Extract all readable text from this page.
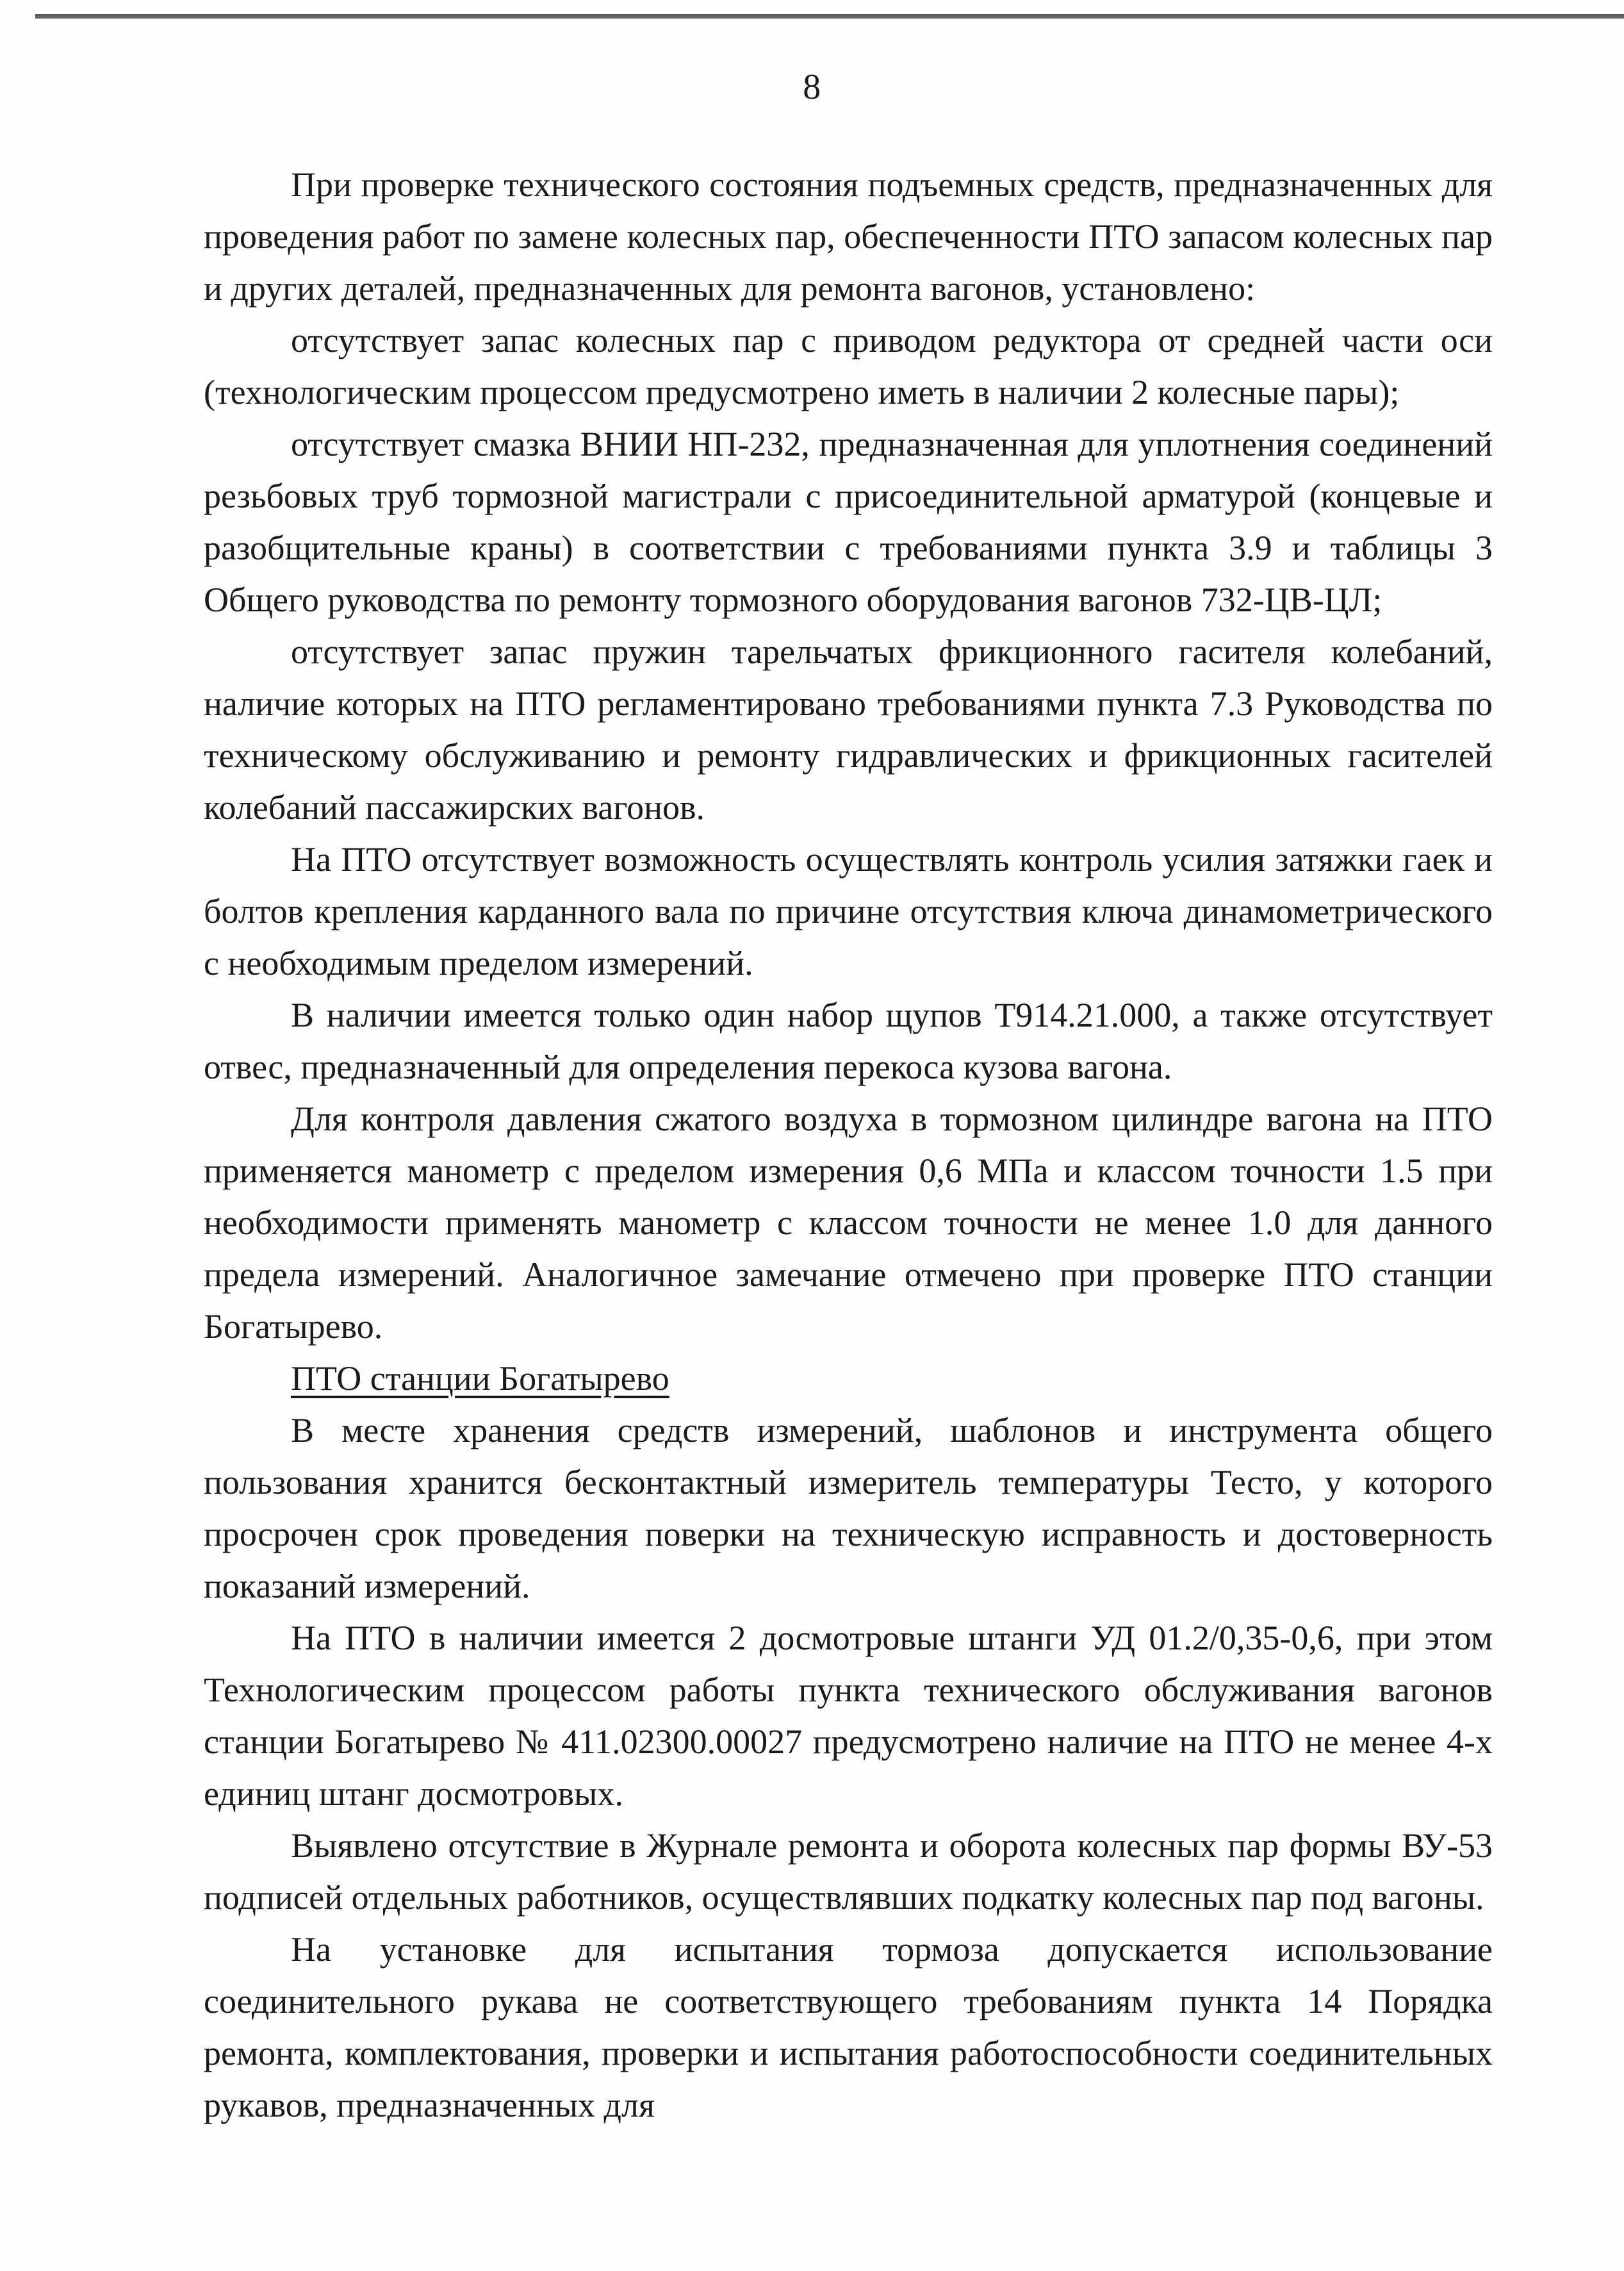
8

При проверке технического состояния подъемных средств, предназначенных для проведения работ по замене колесных пар, обеспеченности ПТО запасом колесных пар и других деталей, предназначенных для ремонта вагонов, установлено:

отсутствует запас колесных пар с приводом редуктора от средней части оси (технологическим процессом предусмотрено иметь в наличии 2 колесные пары);

отсутствует смазка ВНИИ НП-232, предназначенная для уплотнения соединений резьбовых труб тормозной магистрали с присоединительной арматурой (концевые и разобщительные краны) в соответствии с требованиями пункта 3.9 и таблицы 3 Общего руководства по ремонту тормозного оборудования вагонов 732-ЦВ-ЦЛ;

отсутствует запас пружин тарельчатых фрикционного гасителя колебаний, наличие которых на ПТО регламентировано требованиями пункта 7.3 Руководства по техническому обслуживанию и ремонту гидравлических и фрикционных гасителей колебаний пассажирских вагонов.

На ПТО отсутствует возможность осуществлять контроль усилия затяжки гаек и болтов крепления карданного вала по причине отсутствия ключа динамометрического с необходимым пределом измерений.

В наличии имеется только один набор щупов Т914.21.000, а также отсутствует отвес, предназначенный для определения перекоса кузова вагона.

Для контроля давления сжатого воздуха в тормозном цилиндре вагона на ПТО применяется манометр с пределом измерения 0,6 МПа и классом точности 1.5 при необходимости применять манометр с классом точности не менее 1.0 для данного предела измерений. Аналогичное замечание отмечено при проверке ПТО станции Богатырево.

ПТО станции Богатырево

В месте хранения средств измерений, шаблонов и инструмента общего пользования хранится бесконтактный измеритель температуры Тесто, у которого просрочен срок проведения поверки на техническую исправность и достоверность показаний измерений.

На ПТО в наличии имеется 2 досмотровые штанги УД 01.2/0,35-0,6, при этом Технологическим процессом работы пункта технического обслуживания вагонов станции Богатырево № 411.02300.00027 предусмотрено наличие на ПТО не менее 4-х единиц штанг досмотровых.

Выявлено отсутствие в Журнале ремонта и оборота колесных пар формы ВУ-53 подписей отдельных работников, осуществлявших подкатку колесных пар под вагоны.

На установке для испытания тормоза допускается использование соединительного рукава не соответствующего требованиям пункта 14 Порядка ремонта, комплектования, проверки и испытания работоспособности соединительных рукавов, предназначенных для
